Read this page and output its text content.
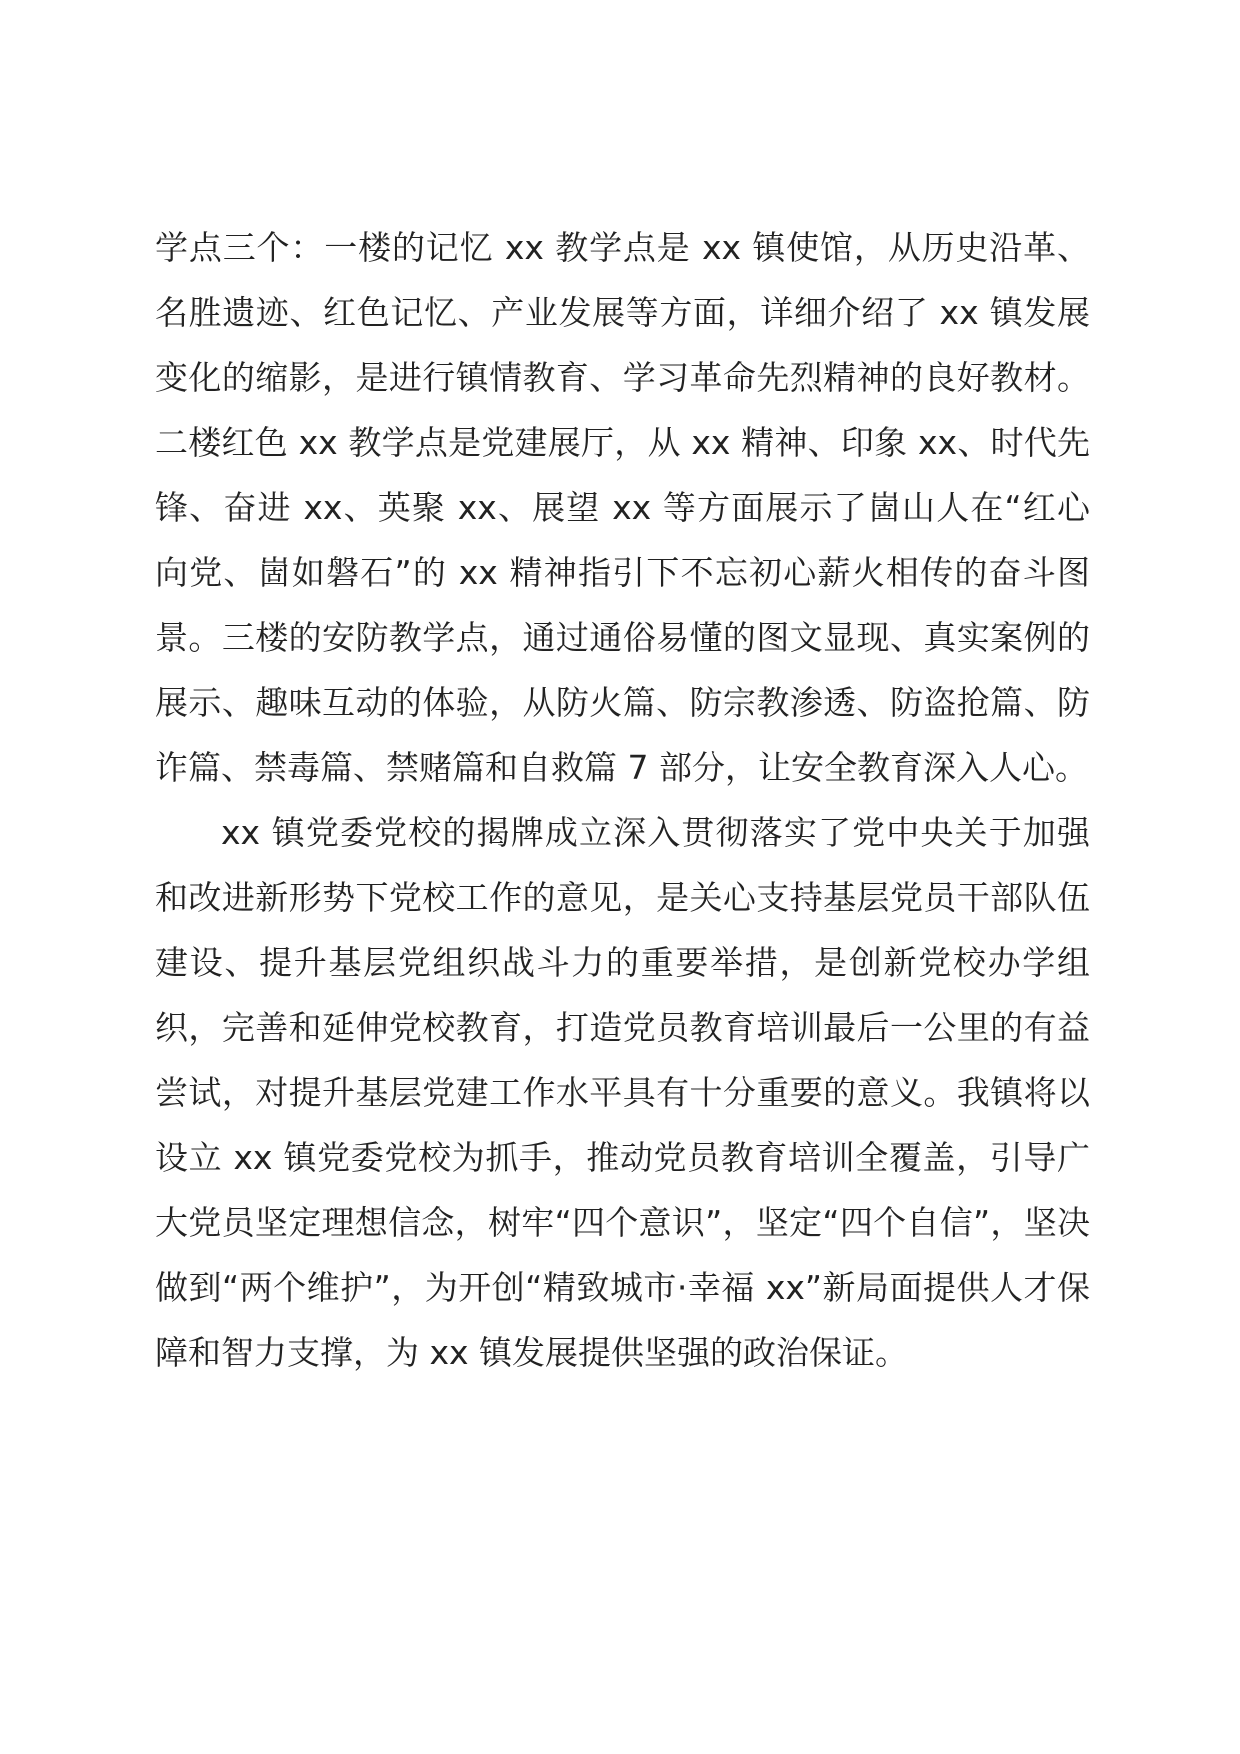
学点三个：一楼的记忆 xx 教学点是 xx 镇使馆，从历史沿革、名胜遗迹、红色记忆、产业发展等方面，详细介绍了 xx 镇发展变化的缩影，是进行镇情教育、学习革命先烈精神的良好教材。二楼红色 xx 教学点是党建展厅，从 xx 精神、印象 xx、时代先锋、奋进 xx、英聚 xx、展望 xx 等方面展示了崮山人在“红心向党、崮如磐石”的 xx 精神指引下不忘初心薪火相传的奋斗图景。三楼的安防教学点，通过通俗易懂的图文显现、真实案例的展示、趣味互动的体验，从防火篇、防宗教渗透、防盗抢篇、防诈篇、禁毒篇、禁赌篇和自救篇 7 部分，让安全教育深入人心。

xx 镇党委党校的揭牌成立深入贯彻落实了党中央关于加强和改进新形势下党校工作的意见，是关心支持基层党员干部队伍建设、提升基层党组织战斗力的重要举措，是创新党校办学组织，完善和延伸党校教育，打造党员教育培训最后一公里的有益尝试，对提升基层党建工作水平具有十分重要的意义。我镇将以设立 xx 镇党委党校为抓手，推动党员教育培训全覆盖，引导广大党员坚定理想信念，树牢“四个意识”，坚定“四个自信”，坚决做到“两个维护”，为开创“精致城市·幸福 xx”新局面提供人才保障和智力支撑，为 xx 镇发展提供坚强的政治保证。
